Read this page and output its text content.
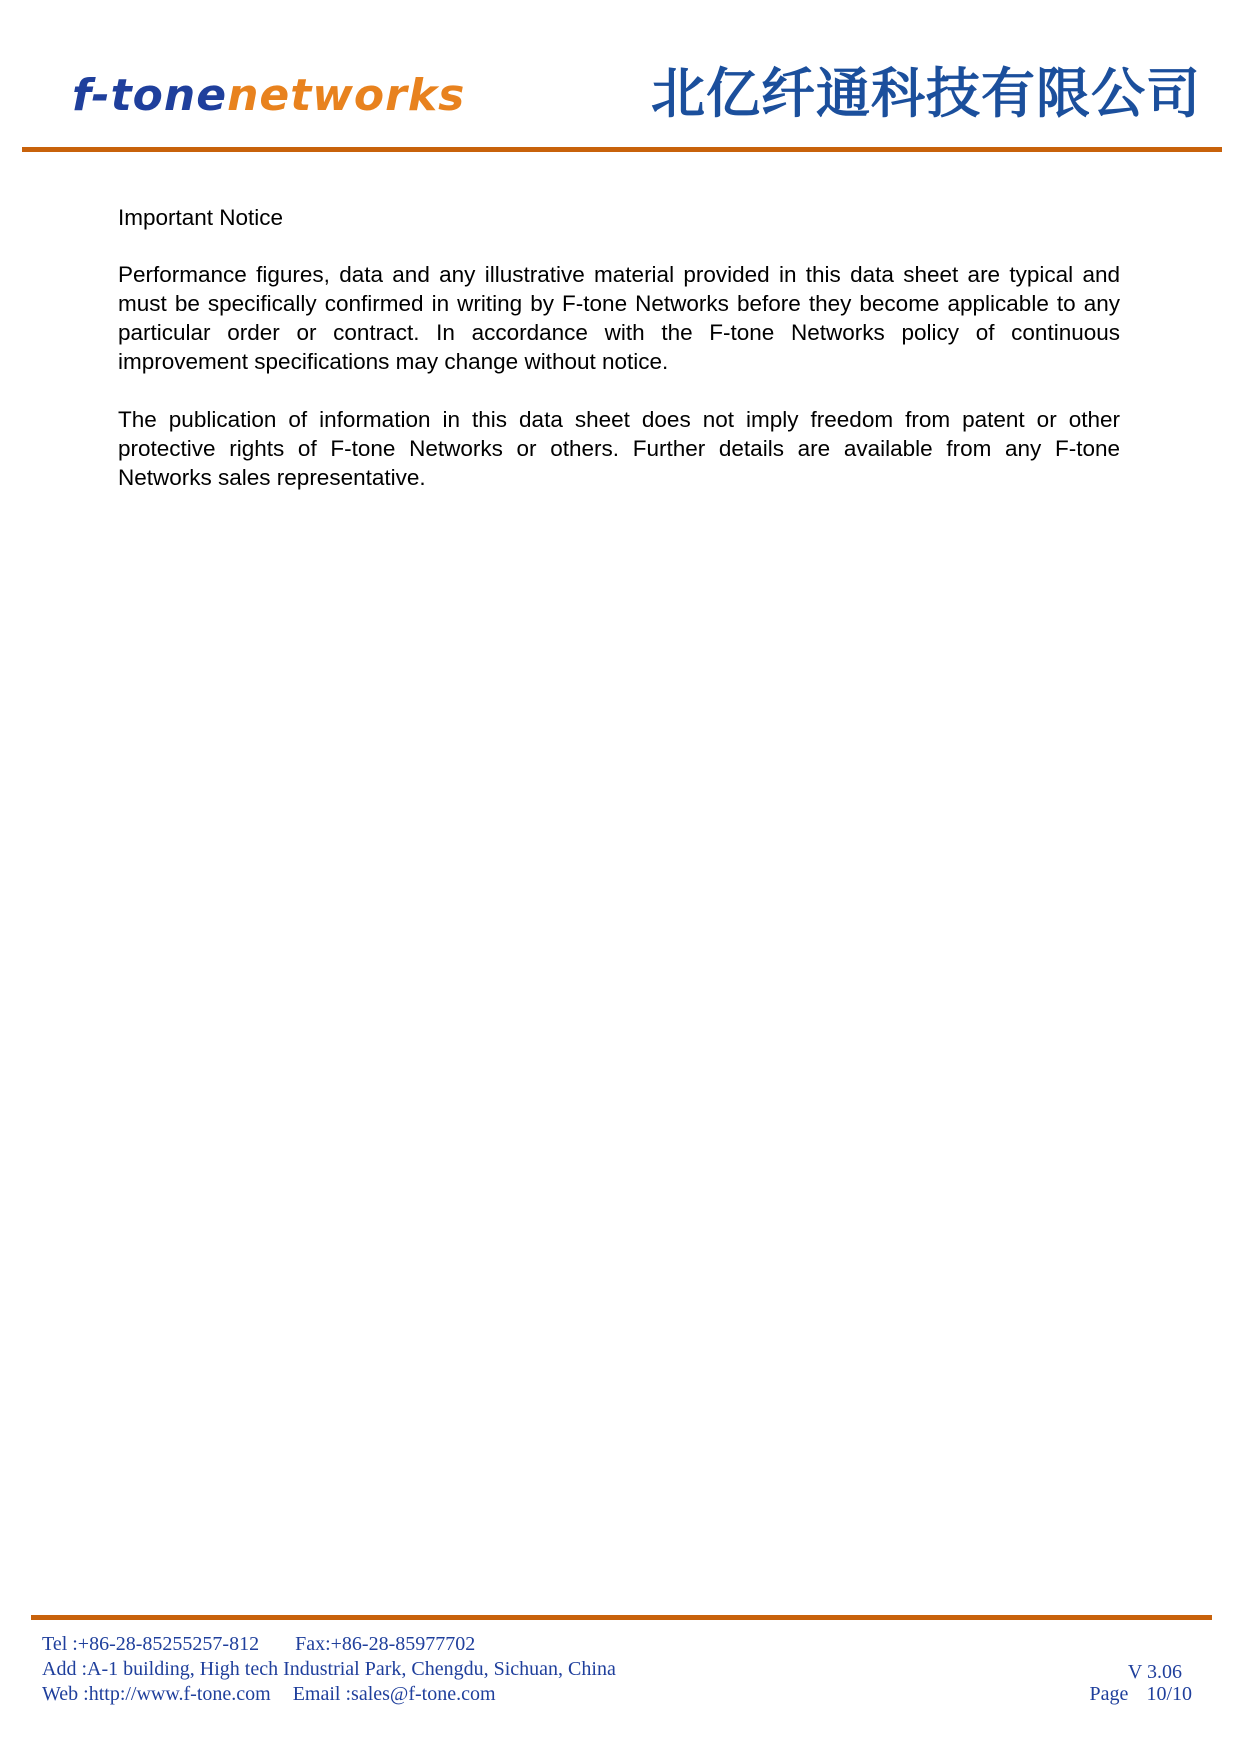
f-tonenetworks	北亿纤通科技有限公司
Important Notice

Performance figures, data and any illustrative material provided in this data sheet are typical and must be specifically confirmed in writing by F-tone Networks before they become applicable to any particular order or contract. In accordance with the F-tone Networks policy of continuous improvement specifications may change without notice.

The publication of information in this data sheet does not imply freedom from patent or other protective rights of F-tone Networks or others. Further details are available from any F-tone Networks sales representative.

Tel :+86-28-85255257-812 Fax:+86-28-85977702
Add :A-1 building, High tech Industrial Park, Chengdu, Sichuan, China	V 3.06
Web :http://www.f-tone.com Email :sales@f-tone.com	Page 10/10
